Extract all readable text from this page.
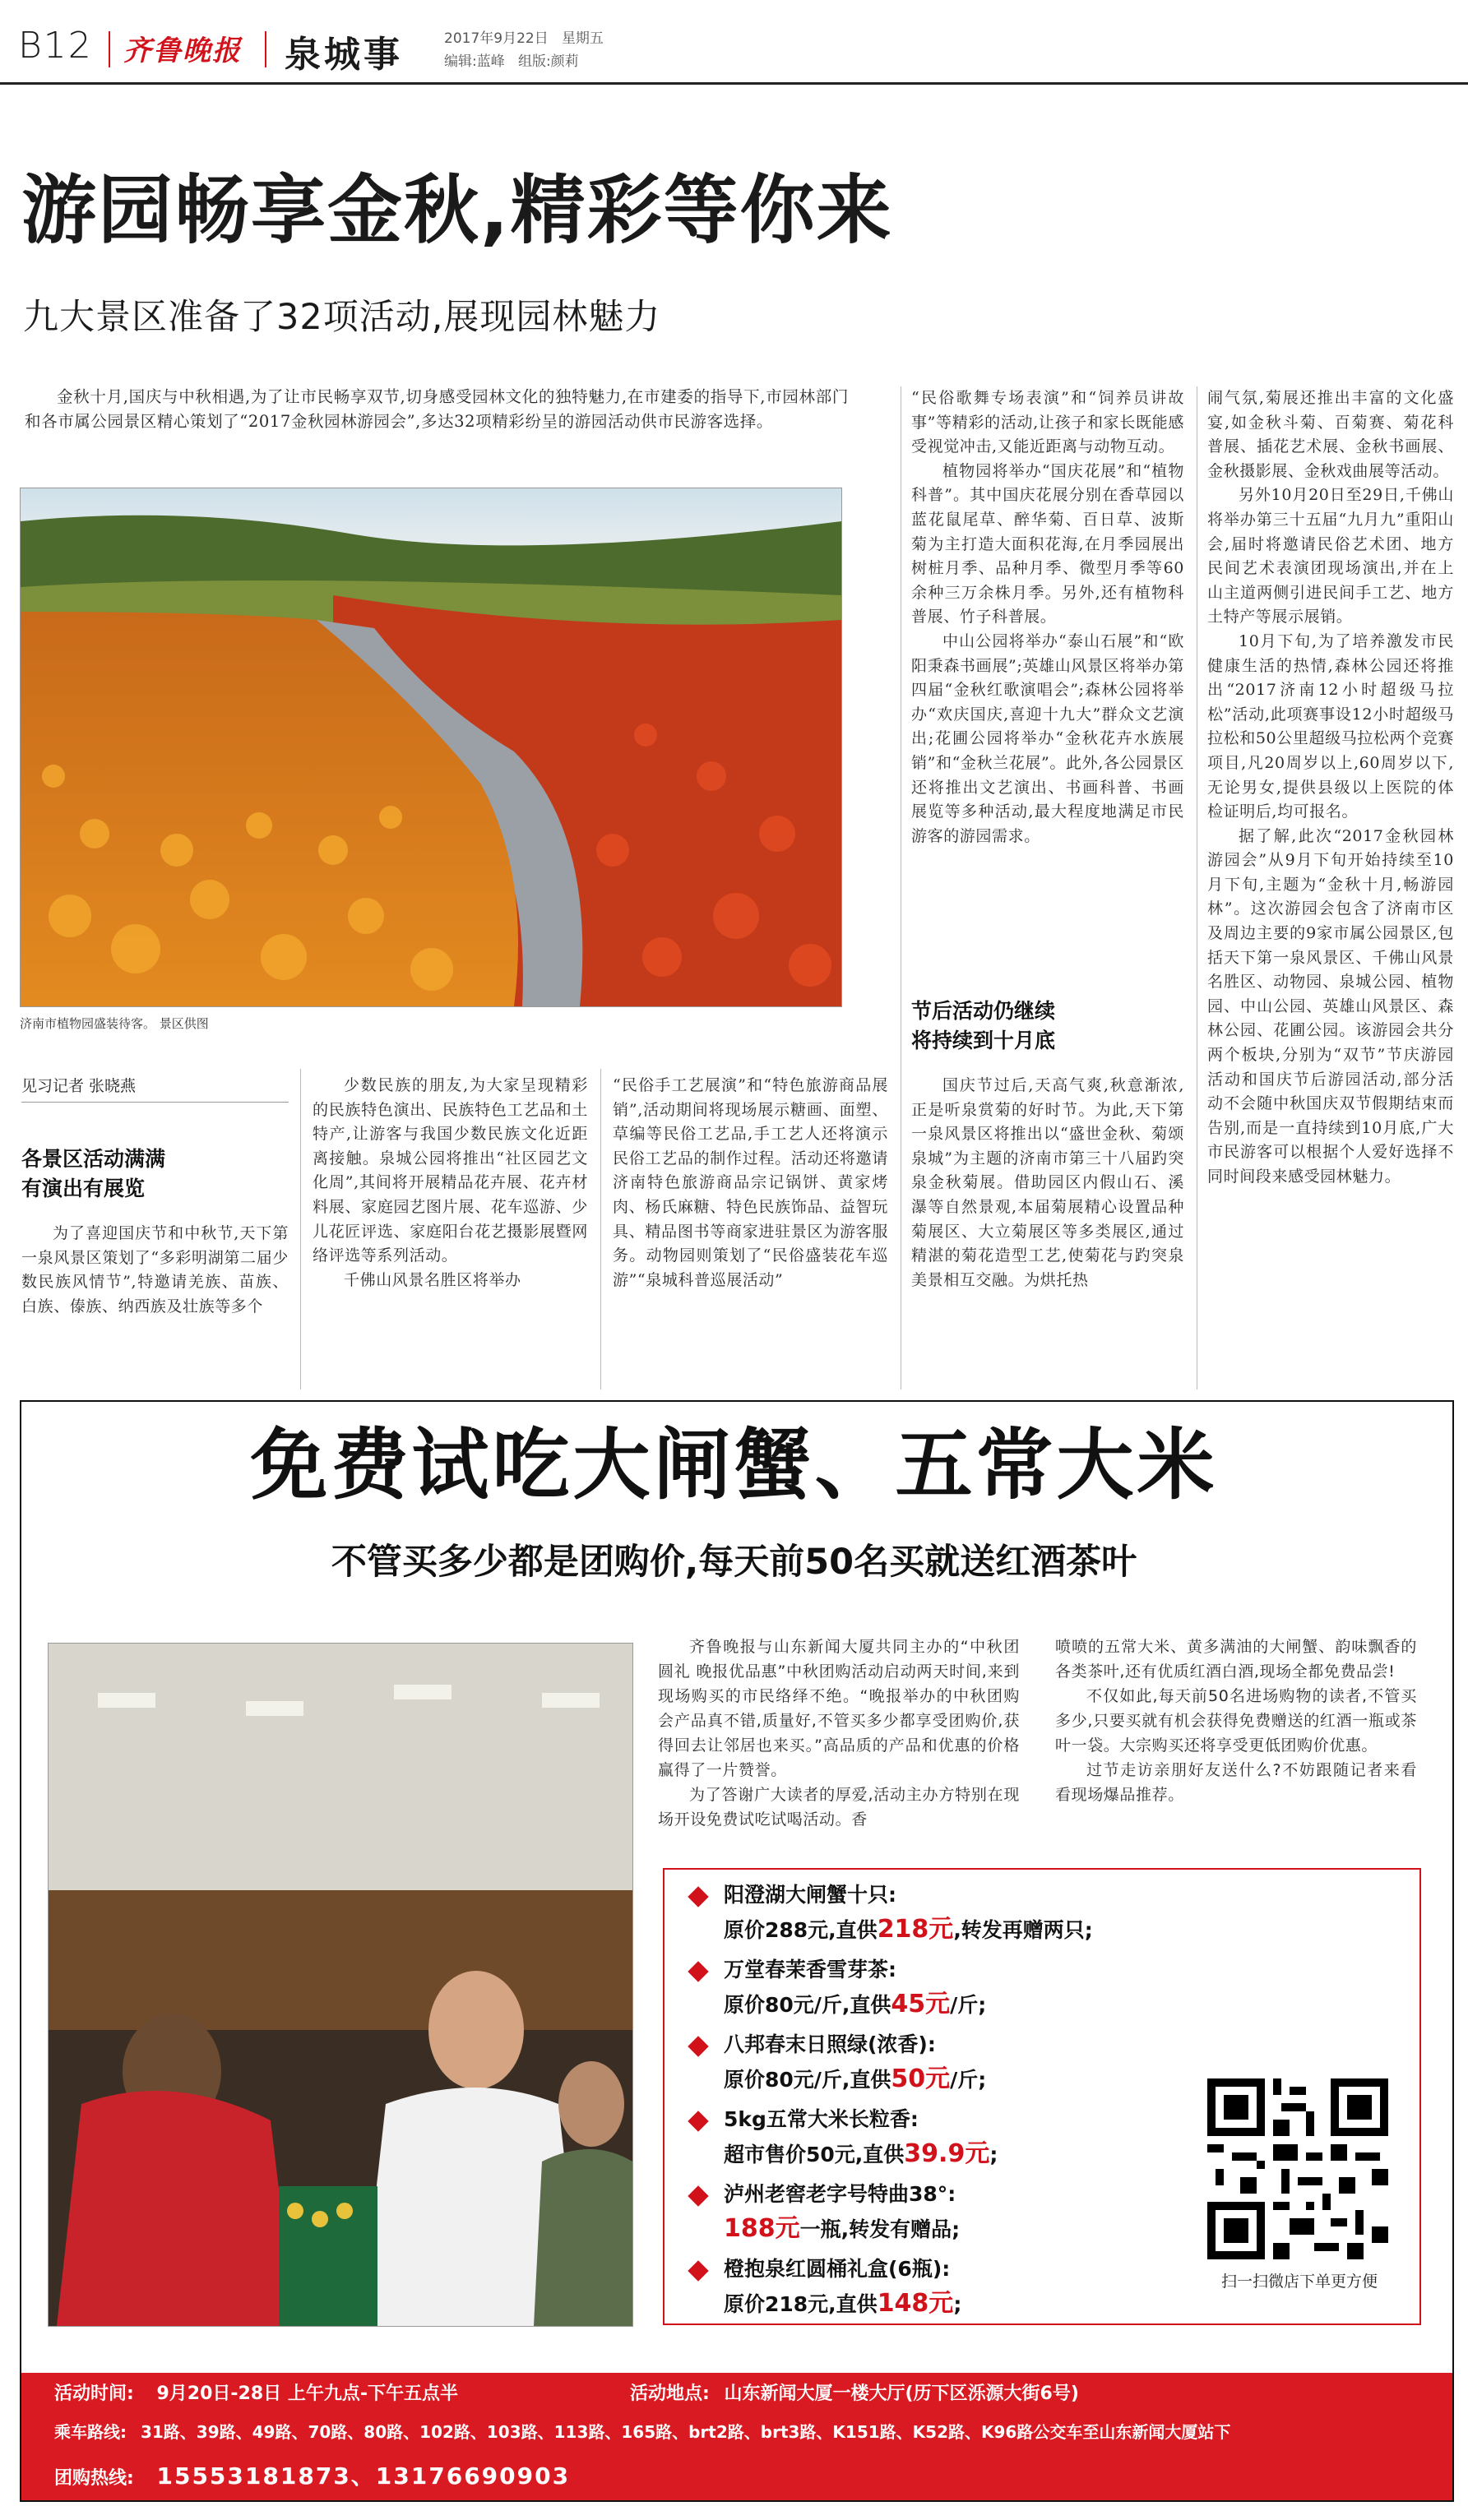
B12 齐鲁晚报 泉城事	2017年9月22日 星期五
编辑:蓝峰 组版:颜莉
游园畅享金秋,精彩等你来
九大景区准备了32项活动,展现园林魅力

金秋十月,国庆与中秋相遇,为了让市民畅享双节,切身感受园林文化的独特魅力,在市建委的指导下,市园林部门和各市属公园景区精心策划了“2017金秋园林游园会”,多达32项精彩纷呈的游园活动供市民游客选择。

济南市植物园盛装待客。 景区供图
见习记者 张晓燕
各景区活动满满
有演出有展览

为了喜迎国庆节和中秋节,天下第一泉风景区策划了“多彩明湖第二届少数民族风情节”,特邀请羌族、苗族、白族、傣族、纳西族及壮族等多个

少数民族的朋友,为大家呈现精彩的民族特色演出、民族特色工艺品和土特产,让游客与我国少数民族文化近距离接触。泉城公园将推出“社区园艺文化周”,其间将开展精品花卉展、花卉材料展、家庭园艺图片展、花车巡游、少儿花匠评选、家庭阳台花艺摄影展暨网络评选等系列活动。

千佛山风景名胜区将举办

“民俗手工艺展演”和“特色旅游商品展销”,活动期间将现场展示糖画、面塑、草编等民俗工艺品,手工艺人还将演示民俗工艺品的制作过程。活动还将邀请济南特色旅游商品宗记锅饼、黄家烤肉、杨氏麻糖、特色民族饰品、益智玩具、精品图书等商家进驻景区为游客服务。动物园则策划了“民俗盛装花车巡游”“泉城科普巡展活动”

“民俗歌舞专场表演”和“饲养员讲故事”等精彩的活动,让孩子和家长既能感受视觉冲击,又能近距离与动物互动。

植物园将举办“国庆花展”和“植物科普”。其中国庆花展分别在香草园以蓝花鼠尾草、醉华菊、百日草、波斯菊为主打造大面积花海,在月季园展出树桩月季、品种月季、微型月季等60余种三万余株月季。另外,还有植物科普展、竹子科普展。

中山公园将举办“泰山石展”和“欧阳秉森书画展”;英雄山风景区将举办第四届“金秋红歌演唱会”;森林公园将举办“欢庆国庆,喜迎十九大”群众文艺演出;花圃公园将举办“金秋花卉水族展销”和“金秋兰花展”。此外,各公园景区还将推出文艺演出、书画科普、书画展览等多种活动,最大程度地满足市民游客的游园需求。

节后活动仍继续
将持续到十月底

国庆节过后,天高气爽,秋意渐浓,正是听泉赏菊的好时节。为此,天下第一泉风景区将推出以“盛世金秋、菊颂泉城”为主题的济南市第三十八届趵突泉金秋菊展。借助园区内假山石、溪瀑等自然景观,本届菊展精心设置品种菊展区、大立菊展区等多类展区,通过精湛的菊花造型工艺,使菊花与趵突泉美景相互交融。为烘托热

闹气氛,菊展还推出丰富的文化盛宴,如金秋斗菊、百菊赛、菊花科普展、插花艺术展、金秋书画展、金秋摄影展、金秋戏曲展等活动。

另外10月20日至29日,千佛山将举办第三十五届“九月九”重阳山会,届时将邀请民俗艺术团、地方民间艺术表演团现场演出,并在上山主道两侧引进民间手工艺、地方土特产等展示展销。

10月下旬,为了培养激发市民健康生活的热情,森林公园还将推出“2017济南12小时超级马拉松”活动,此项赛事设12小时超级马拉松和50公里超级马拉松两个竞赛项目,凡20周岁以上,60周岁以下,无论男女,提供县级以上医院的体检证明后,均可报名。

据了解,此次“2017金秋园林游园会”从9月下旬开始持续至10月下旬,主题为“金秋十月,畅游园林”。这次游园会包含了济南市区及周边主要的9家市属公园景区,包括天下第一泉风景区、千佛山风景名胜区、动物园、泉城公园、植物园、中山公园、英雄山风景区、森林公园、花圃公园。该游园会共分两个板块,分别为“双节”节庆游园活动和国庆节后游园活动,部分活动不会随中秋国庆双节假期结束而告别,而是一直持续到10月底,广大市民游客可以根据个人爱好选择不同时间段来感受园林魅力。

免费试吃大闸蟹、五常大米
不管买多少都是团购价,每天前50名买就送红酒茶叶

齐鲁晚报与山东新闻大厦共同主办的“中秋团圆礼 晚报优品惠”中秋团购活动启动两天时间,来到现场购买的市民络绎不绝。“晚报举办的中秋团购会产品真不错,质量好,不管买多少都享受团购价,获得回去让邻居也来买。”高品质的产品和优惠的价格赢得了一片赞誉。

为了答谢广大读者的厚爱,活动主办方特别在现场开设免费试吃试喝活动。香

喷喷的五常大米、黄多满油的大闸蟹、韵味飘香的各类茶叶,还有优质红酒白酒,现场全都免费品尝!

不仅如此,每天前50名进场购物的读者,不管买多少,只要买就有机会获得免费赠送的红酒一瓶或茶叶一袋。大宗购买还将享受更低团购价优惠。

过节走访亲朋好友送什么?不妨跟随记者来看看现场爆品推荐。

阳澄湖大闸蟹十只:
原价288元,直供218元,转发再赠两只;
万堂春茉香雪芽茶:
原价80元/斤,直供45元/斤;
八邦春末日照绿(浓香):
原价80元/斤,直供50元/斤;
5kg五常大米长粒香:
超市售价50元,直供39.9元;
泸州老窖老字号特曲38°:
188元一瓶,转发有赠品;
橙抱泉红圆桶礼盒(6瓶):
原价218元,直供148元;
扫一扫微店下单更方便
活动时间: 9月20日-28日 上午九点-下午五点半	活动地点: 山东新闻大厦一楼大厅(历下区泺源大街6号)
乘车路线: 31路、39路、49路、70路、80路、102路、103路、113路、165路、brt2路、brt3路、K151路、K52路、K96路公交车至山东新闻大厦站下
团购热线: 15553181873、13176690903
